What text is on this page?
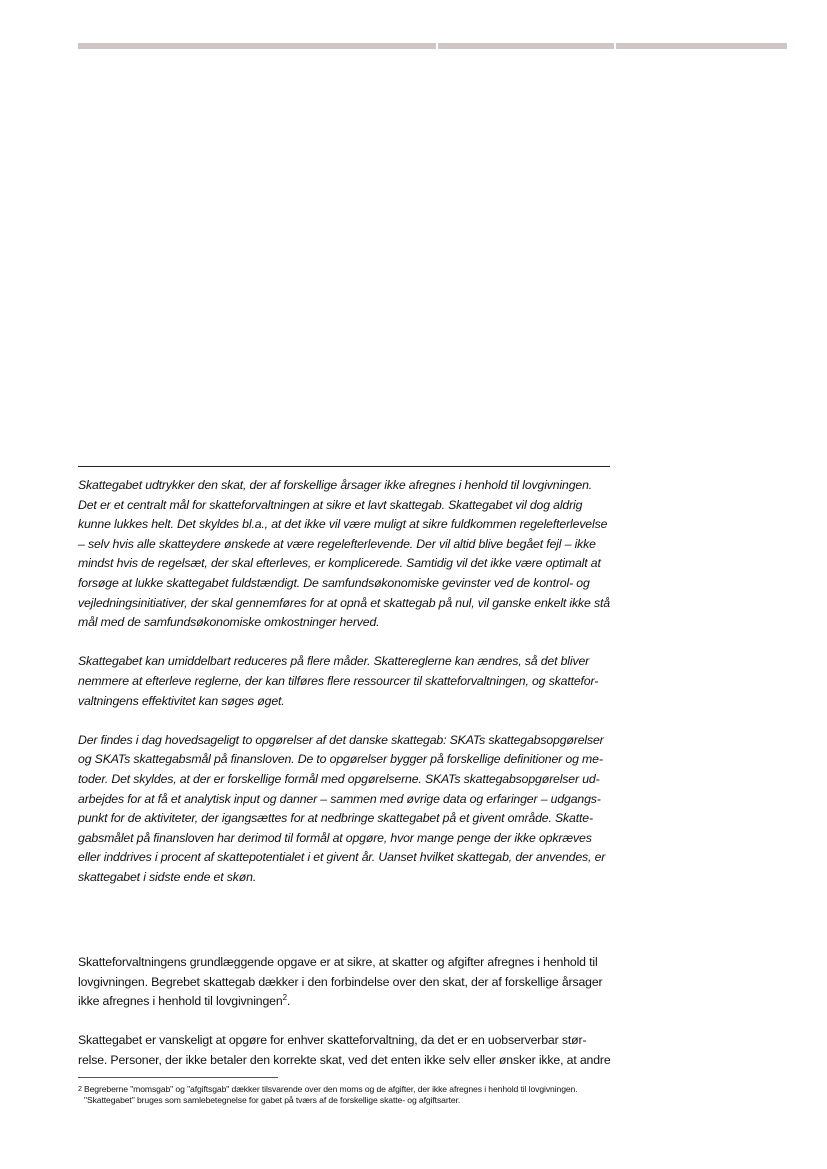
Skattegabet udtrykker den skat, der af forskellige årsager ikke afregnes i henhold til lovgivningen. Det er et centralt mål for skatteforvaltningen at sikre et lavt skattegab. Skattegabet vil dog aldrig kunne lukkes helt. Det skyldes bl.a., at det ikke vil være muligt at sikre fuldkommen regelefterlevelse – selv hvis alle skatteydere ønskede at være regelefterlevende. Der vil altid blive begået fejl – ikke mindst hvis de regelsæt, der skal efterleves, er komplicerede. Samtidig vil det ikke være optimalt at forsøge at lukke skattegabet fuldstændigt. De samfundsøkonomiske gevinster ved de kontrol- og vejledningsinitiativer, der skal gennemføres for at opnå et skattegab på nul, vil ganske enkelt ikke stå mål med de samfundsøkonomiske omkostninger herved.

Skattegabet kan umiddelbart reduceres på flere måder. Skattereglerne kan ændres, så det bliver nemmere at efterleve reglerne, der kan tilføres flere ressourcer til skatteforvaltningen, og skattefor-valtningens effektivitet kan søges øget.

Der findes i dag hovedsageligt to opgørelser af det danske skattegab: SKATs skattegabsopgørelser og SKATs skattegabsmål på finansloven. De to opgørelser bygger på forskellige definitioner og me-toder. Det skyldes, at der er forskellige formål med opgørelserne. SKATs skattegabsopgørelser ud-arbejdes for at få et analytisk input og danner – sammen med øvrige data og erfaringer – udgangs-punkt for de aktiviteter, der igangsættes for at nedbringe skattegabet på et givent område. Skatte-gabsmålet på finansloven har derimod til formål at opgøre, hvor mange penge der ikke opkræves eller inddrives i procent af skattepotentialet i et givent år. Uanset hvilket skattegab, der anvendes, er skattegabet i sidste ende et skøn.

Skatteforvaltningens grundlæggende opgave er at sikre, at skatter og afgifter afregnes i henhold til lovgivningen. Begrebet skattegab dækker i den forbindelse over den skat, der af forskellige årsager ikke afregnes i henhold til lovgivningen$^2$.

Skattegabet er vanskeligt at opgøre for enhver skatteforvaltning, da det er en uobserverbar stør-relse. Personer, der ikke betaler den korrekte skat, ved det enten ikke selv eller ønsker ikke, at andre

2 Begreberne "momsgab" og "afgiftsgab" dækker tilsvarende over den moms og de afgifter, der ikke afregnes i henhold til lovgivningen. "Skattegabet" bruges som samlebetegnelse for gabet på tværs af de forskellige skatte- og afgiftsarter.
